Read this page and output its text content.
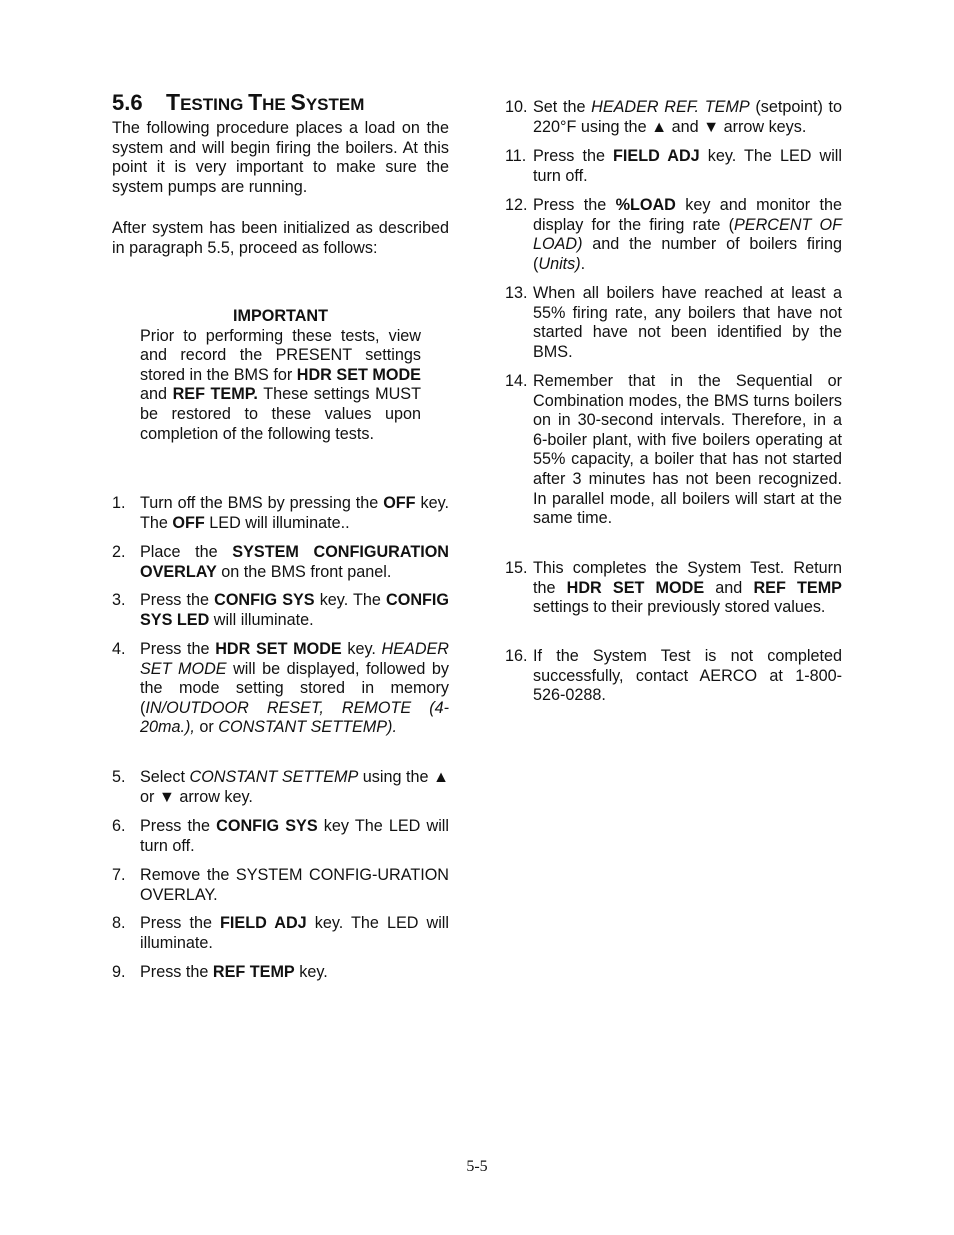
5.6 TESTING THE SYSTEM

The following procedure places a load on the system and will begin firing the boilers. At this point it is very important to make sure the system pumps are running.

After system has been initialized as described in paragraph 5.5, proceed as follows:

IMPORTANT

Prior to performing these tests, view and record the PRESENT settings stored in the BMS for HDR SET MODE and REF TEMP. These settings MUST be restored to these values upon completion of the following tests.

1. Turn off the BMS by pressing the OFF key. The OFF LED will illuminate..
2. Place the SYSTEM CONFIGURATION OVERLAY on the BMS front panel.
3. Press the CONFIG SYS key. The CONFIG SYS LED will illuminate.
4. Press the HDR SET MODE key. HEADER SET MODE will be displayed, followed by the mode setting stored in memory (IN/OUTDOOR RESET, REMOTE (4-20ma.), or CONSTANT SETTEMP).
5. Select CONSTANT SETTEMP using the ▲ or ▼ arrow key.
6. Press the CONFIG SYS key The LED will turn off.
7. Remove the SYSTEM CONFIG-URATION OVERLAY.
8. Press the FIELD ADJ key. The LED will illuminate.
9. Press the REF TEMP key.
10. Set the HEADER REF. TEMP (setpoint) to 220°F using the ▲ and ▼ arrow keys.
11. Press the FIELD ADJ key. The LED will turn off.
12. Press the %LOAD key and monitor the display for the firing rate (PERCENT OF LOAD) and the number of boilers firing (Units).
13. When all boilers have reached at least a 55% firing rate, any boilers that have not started have not been identified by the BMS.
14. Remember that in the Sequential or Combination modes, the BMS turns boilers on in 30-second intervals. Therefore, in a 6-boiler plant, with five boilers operating at 55% capacity, a boiler that has not started after 3 minutes has not been recognized. In parallel mode, all boilers will start at the same time.
15. This completes the System Test. Return the HDR SET MODE and REF TEMP settings to their previously stored values.
16. If the System Test is not completed successfully, contact AERCO at 1-800-526-0288.
5-5
